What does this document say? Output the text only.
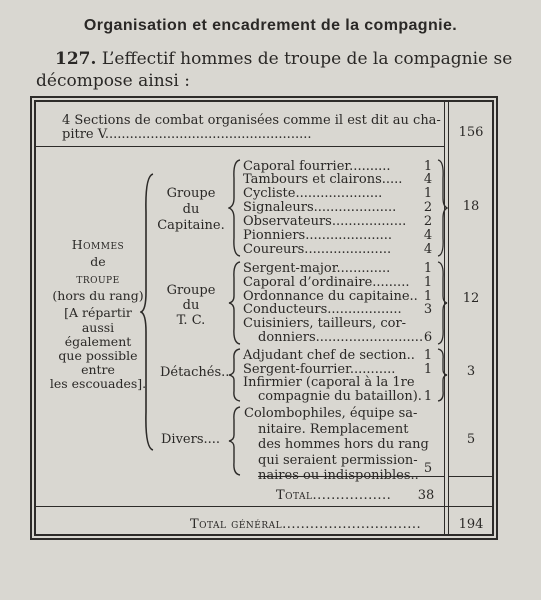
Organisation et encadrement de la compagnie.
127. L’effectif hommes de troupe de la compagnie se
décompose ainsi :
4 Sections de combat organisées comme il est dit au cha-
pitre V..................................................	156
Hommes
de
troupe
(hors du rang)
[A répartir
aussi
également
que possible
entre
les escouades].
Groupe
du
Capitaine.
Caporal fourrier..........	1
Tambours et clairons..... 4
Cycliste.....................	1
Signaleurs.................... 2
Observateurs.................. 2
Pionniers..................... 4
Coureurs.....................	4
18
Groupe
du
T. C.
Sergent-major.............	1
Caporal d’ordinaire......... 1
Ordonnance du capitaine.. 1
Conducteurs.................. 3
Cuisiniers, tailleurs, cor-
donniers.......................... 6
12
Détachés..
Adjudant chef de section.. 1
Sergent-fourrier........... 1
Infirmier (caporal à la 1re
compagnie du bataillon). 1
3
Divers....
Colombophiles, équipe sa-
nitaire. Remplacement
des hommes hors du rang
qui seraient permission-
naires ou indisponibles.. 5
5
Total................. 38
Total général..............................	194
